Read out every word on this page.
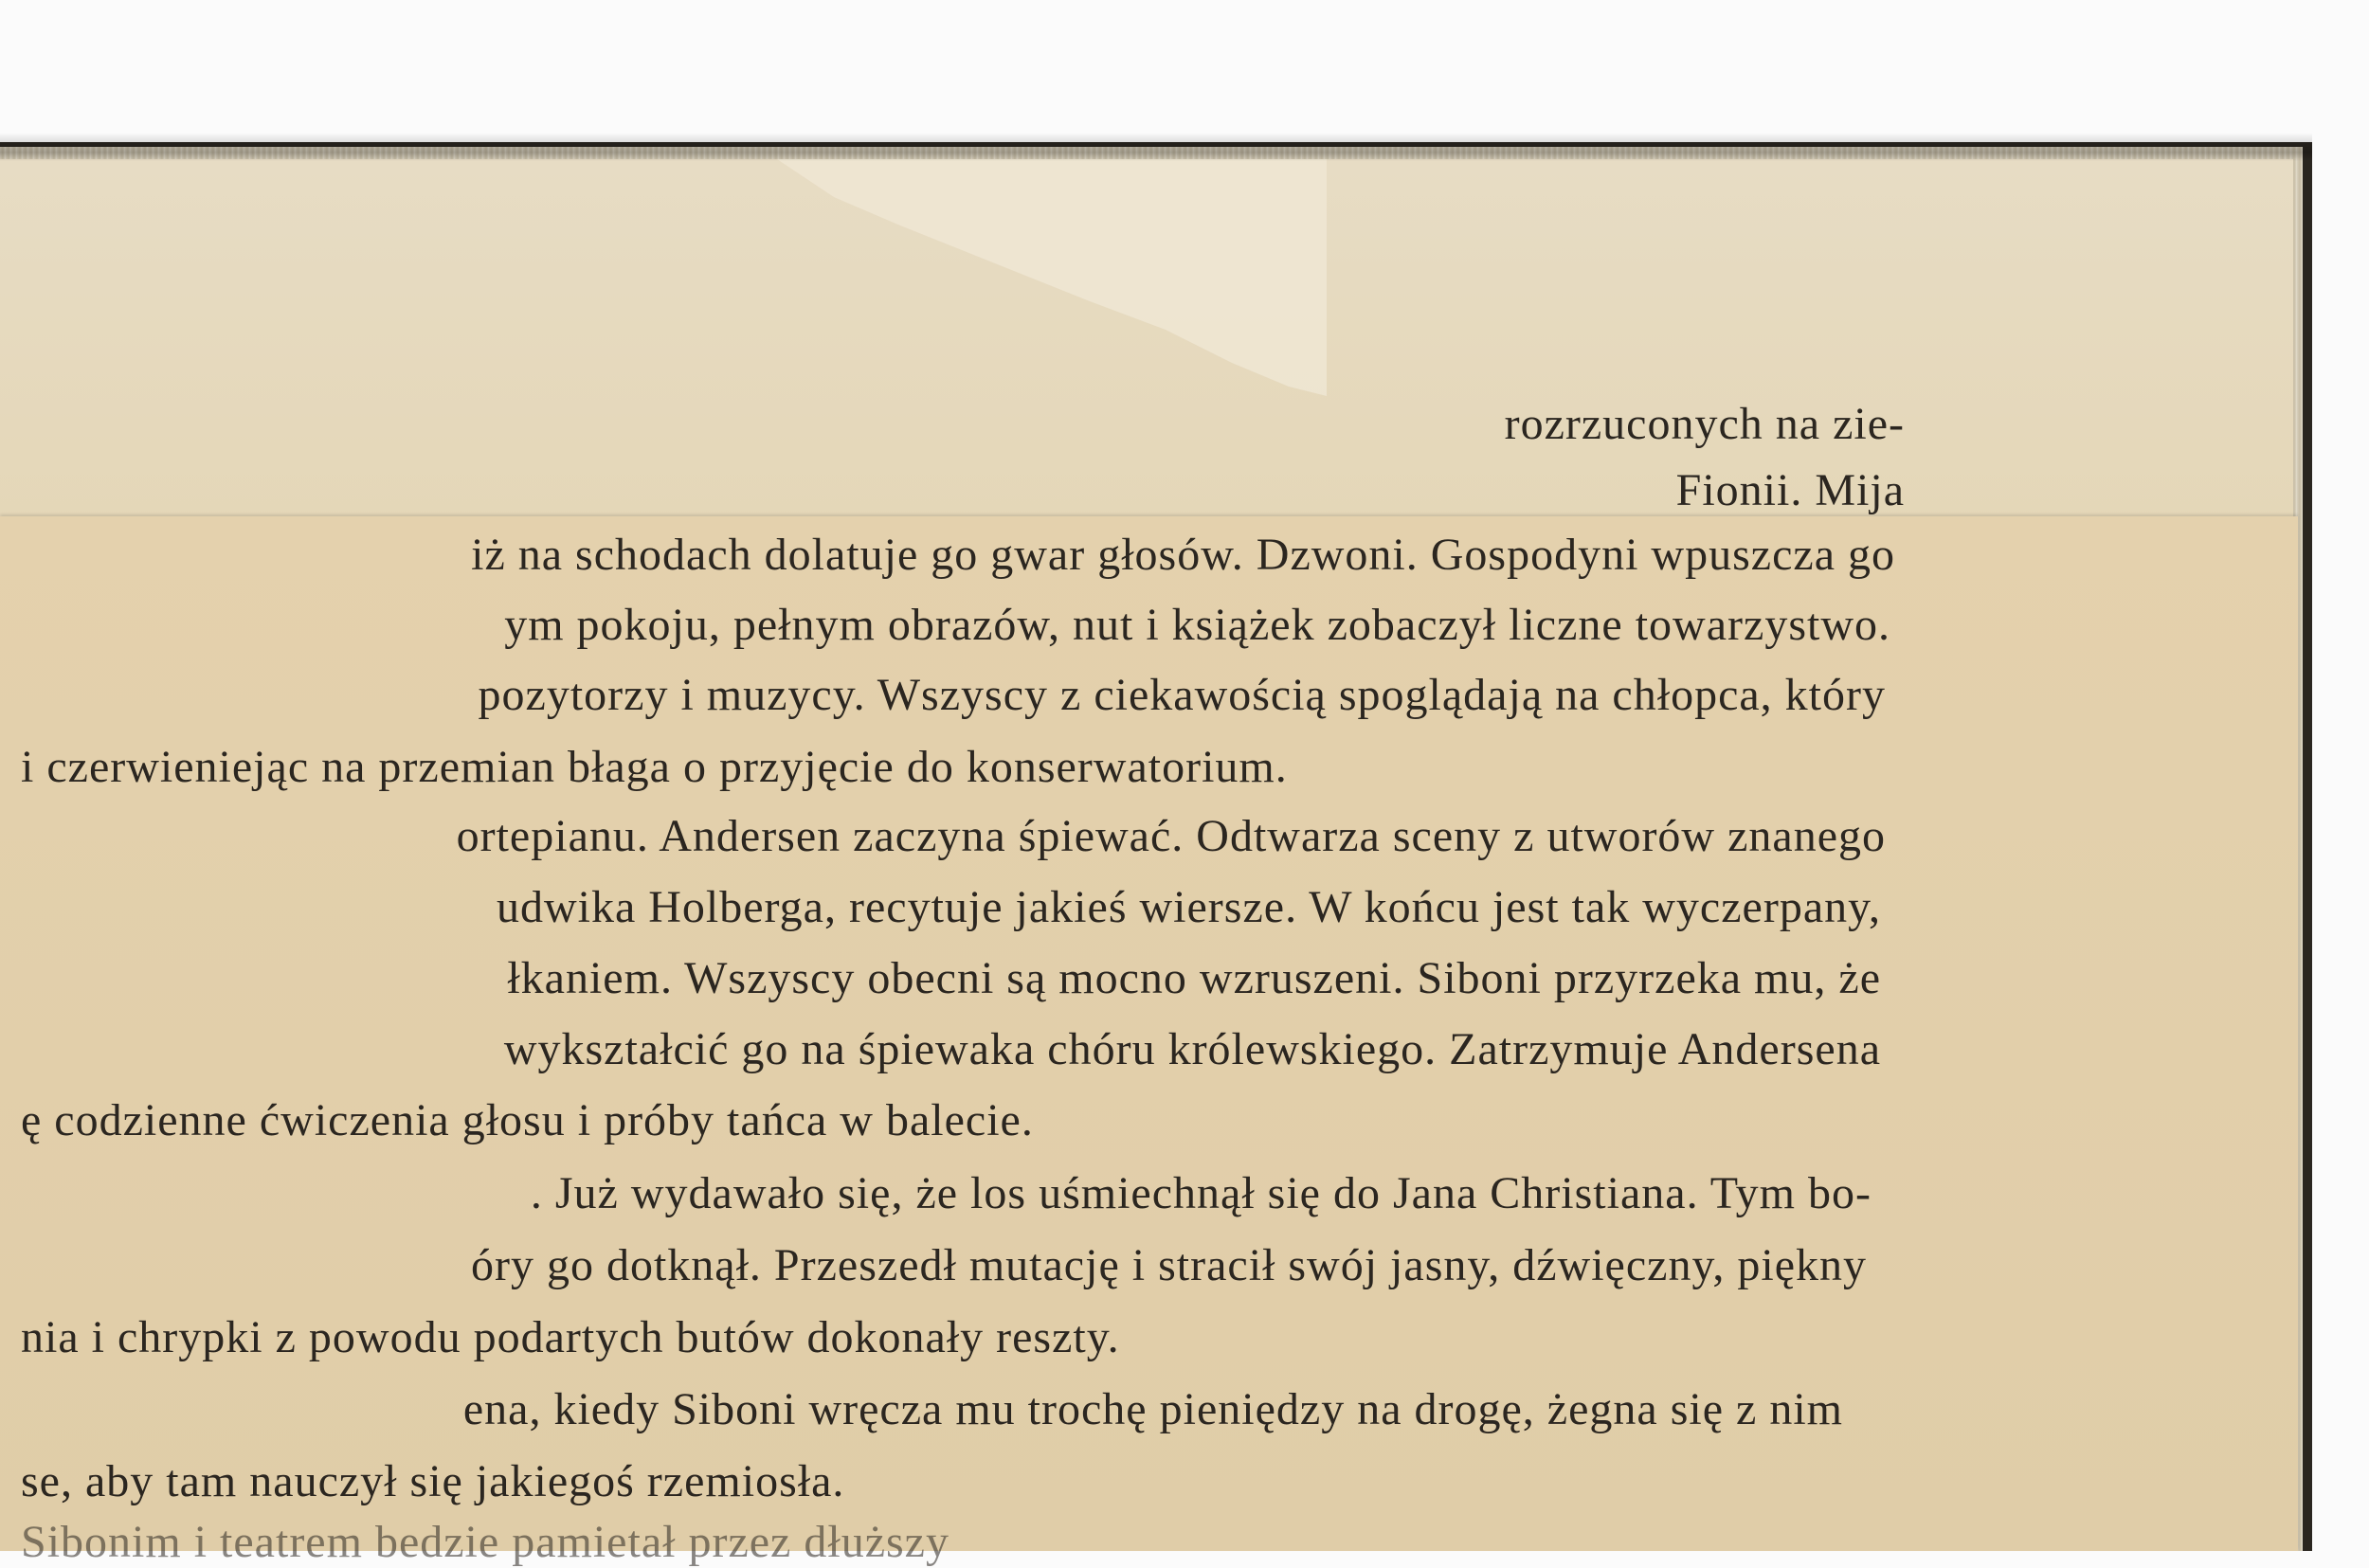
rozrzuconych na zie-
Fionii. Mija
iż na schodach dolatuje go gwar głosów. Dzwoni. Gospodyni wpuszcza go
ym pokoju, pełnym obrazów, nut i książek zobaczył liczne towarzystwo.
pozytorzy i muzycy. Wszyscy z ciekawością spoglądają na chłopca, który
i czerwieniejąc na przemian błaga o przyjęcie do konserwatorium.
ortepianu. Andersen zaczyna śpiewać. Odtwarza sceny z utworów znanego
udwika Holberga, recytuje jakieś wiersze. W końcu jest tak wyczerpany,
łkaniem. Wszyscy obecni są mocno wzruszeni. Siboni przyrzeka mu, że
wykształcić go na śpiewaka chóru królewskiego. Zatrzymuje Andersena
ę codzienne ćwiczenia głosu i próby tańca w balecie.
. Już wydawało się, że los uśmiechnął się do Jana Christiana. Tym bo-
óry go dotknął. Przeszedł mutację i stracił swój jasny, dźwięczny, piękny
nia i chrypki z powodu podartych butów dokonały reszty.
ena, kiedy Siboni wręcza mu trochę pieniędzy na drogę, żegna się z nim
se, aby tam nauczył się jakiegoś rzemiosła.
Sibonim i teatrem bedzie pamietał przez dłuższy
